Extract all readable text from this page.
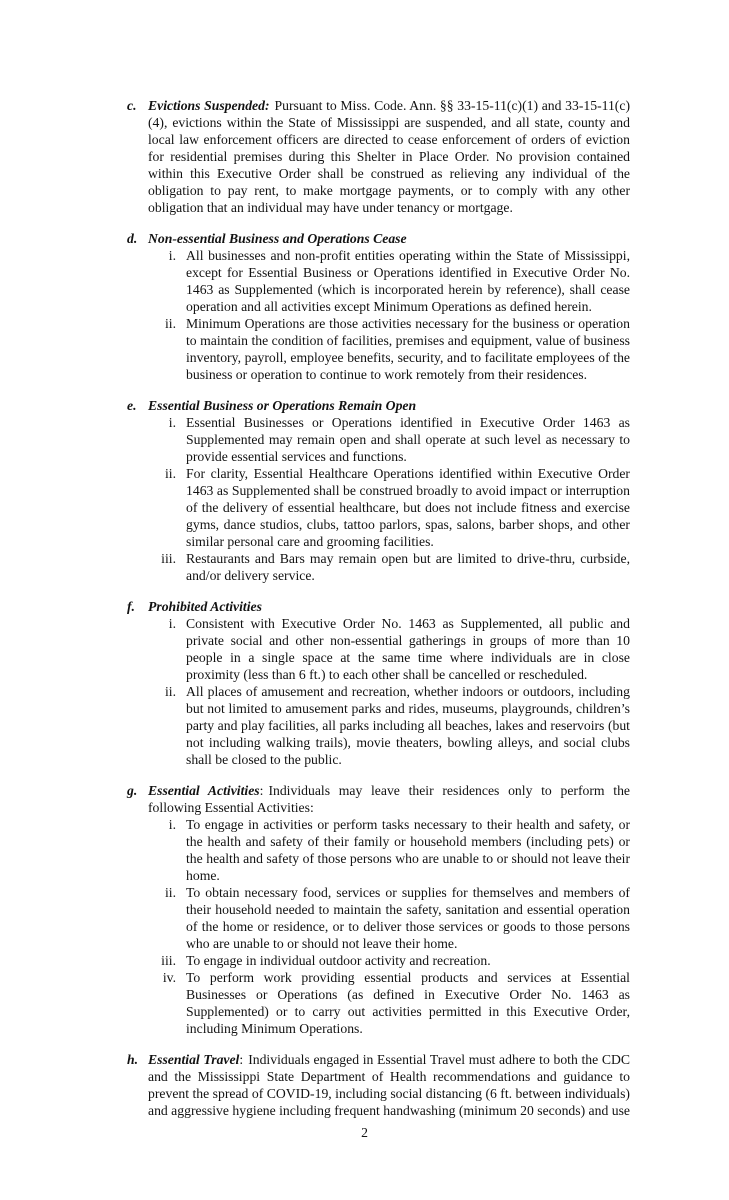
c. Evictions Suspended: Pursuant to Miss. Code. Ann. §§ 33-15-11(c)(1) and 33-15-11(c)(4), evictions within the State of Mississippi are suspended, and all state, county and local law enforcement officers are directed to cease enforcement of orders of eviction for residential premises during this Shelter in Place Order. No provision contained within this Executive Order shall be construed as relieving any individual of the obligation to pay rent, to make mortgage payments, or to comply with any other obligation that an individual may have under tenancy or mortgage.

d. Non-essential Business and Operations Cease

i. All businesses and non-profit entities operating within the State of Mississippi, except for Essential Business or Operations identified in Executive Order No. 1463 as Supplemented (which is incorporated herein by reference), shall cease operation and all activities except Minimum Operations as defined herein.

ii. Minimum Operations are those activities necessary for the business or operation to maintain the condition of facilities, premises and equipment, value of business inventory, payroll, employee benefits, security, and to facilitate employees of the business or operation to continue to work remotely from their residences.

e. Essential Business or Operations Remain Open

i. Essential Businesses or Operations identified in Executive Order 1463 as Supplemented may remain open and shall operate at such level as necessary to provide essential services and functions.

ii. For clarity, Essential Healthcare Operations identified within Executive Order 1463 as Supplemented shall be construed broadly to avoid impact or interruption of the delivery of essential healthcare, but does not include fitness and exercise gyms, dance studios, clubs, tattoo parlors, spas, salons, barber shops, and other similar personal care and grooming facilities.

iii. Restaurants and Bars may remain open but are limited to drive-thru, curbside, and/or delivery service.

f. Prohibited Activities

i. Consistent with Executive Order No. 1463 as Supplemented, all public and private social and other non-essential gatherings in groups of more than 10 people in a single space at the same time where individuals are in close proximity (less than 6 ft.) to each other shall be cancelled or rescheduled.

ii. All places of amusement and recreation, whether indoors or outdoors, including but not limited to amusement parks and rides, museums, playgrounds, children’s party and play facilities, all parks including all beaches, lakes and reservoirs (but not including walking trails), movie theaters, bowling alleys, and social clubs shall be closed to the public.

g. Essential Activities: Individuals may leave their residences only to perform the following Essential Activities:

i. To engage in activities or perform tasks necessary to their health and safety, or the health and safety of their family or household members (including pets) or the health and safety of those persons who are unable to or should not leave their home.

ii. To obtain necessary food, services or supplies for themselves and members of their household needed to maintain the safety, sanitation and essential operation of the home or residence, or to deliver those services or goods to those persons who are unable to or should not leave their home.

iii. To engage in individual outdoor activity and recreation.

iv. To perform work providing essential products and services at Essential Businesses or Operations (as defined in Executive Order No. 1463 as Supplemented) or to carry out activities permitted in this Executive Order, including Minimum Operations.

h. Essential Travel: Individuals engaged in Essential Travel must adhere to both the CDC and the Mississippi State Department of Health recommendations and guidance to prevent the spread of COVID-19, including social distancing (6 ft. between individuals) and aggressive hygiene including frequent handwashing (minimum 20 seconds) and use

2
